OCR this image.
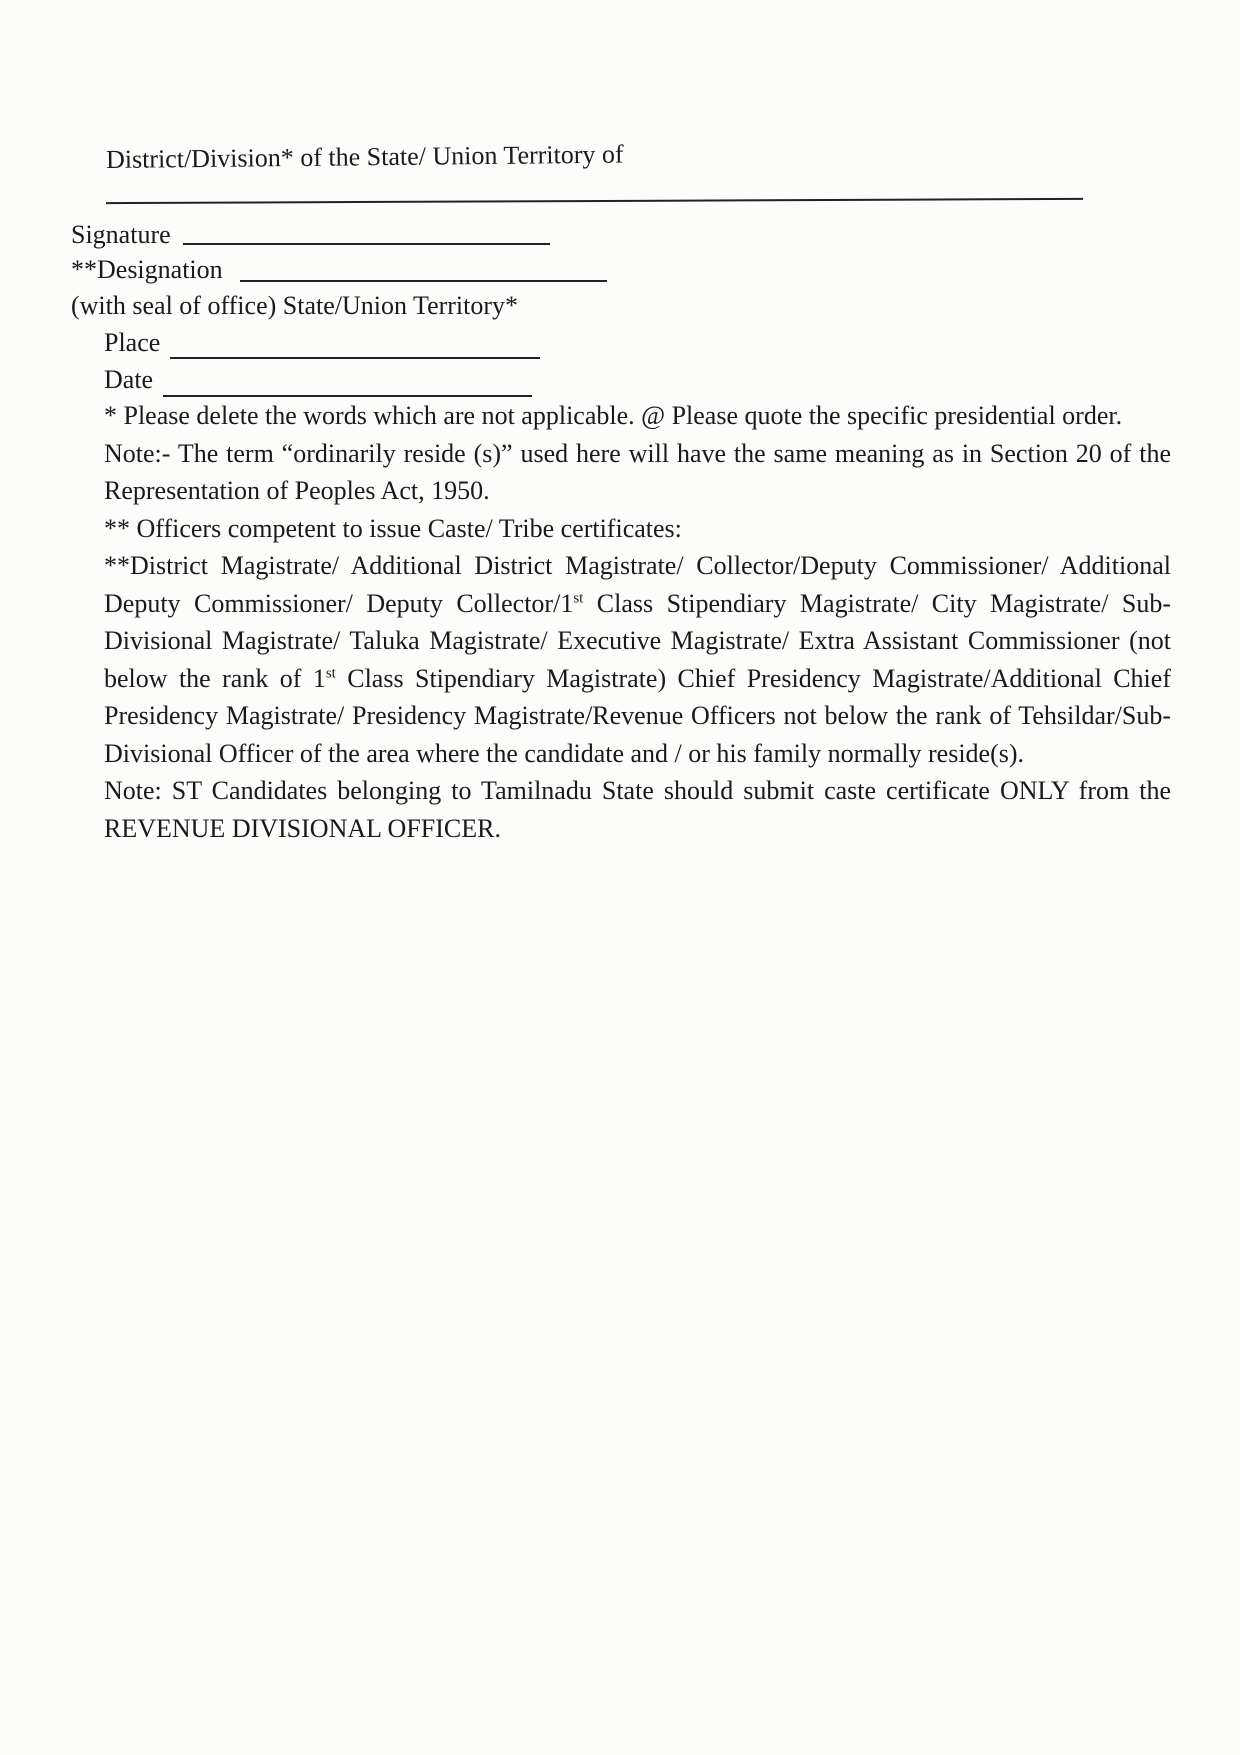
District/Division* of the State/ Union Territory of
Signature
**Designation
(with seal of office) State/Union Territory*
Place
Date

* Please delete the words which are not applicable. @ Please quote the specific presidential order.

Note:- The term “ordinarily reside (s)” used here will have the same meaning as in Section 20 of the Representation of Peoples Act, 1950.

** Officers competent to issue Caste/ Tribe certificates:

**District Magistrate/ Additional District Magistrate/ Collector/Deputy Commissioner/ Additional Deputy Commissioner/ Deputy Collector/1st Class Stipendiary Magistrate/ City Magistrate/ Sub- Divisional Magistrate/ Taluka Magistrate/ Executive Magistrate/ Extra Assistant Commissioner (not below the rank of 1st Class Stipendiary Magistrate) Chief Presidency Magistrate/Additional Chief Presidency Magistrate/ Presidency Magistrate/Revenue Officers not below the rank of Tehsildar/Sub-Divisional Officer of the area where the candidate and / or his family normally reside(s).

Note: ST Candidates belonging to Tamilnadu State should submit caste certificate ONLY from the REVENUE DIVISIONAL OFFICER.
